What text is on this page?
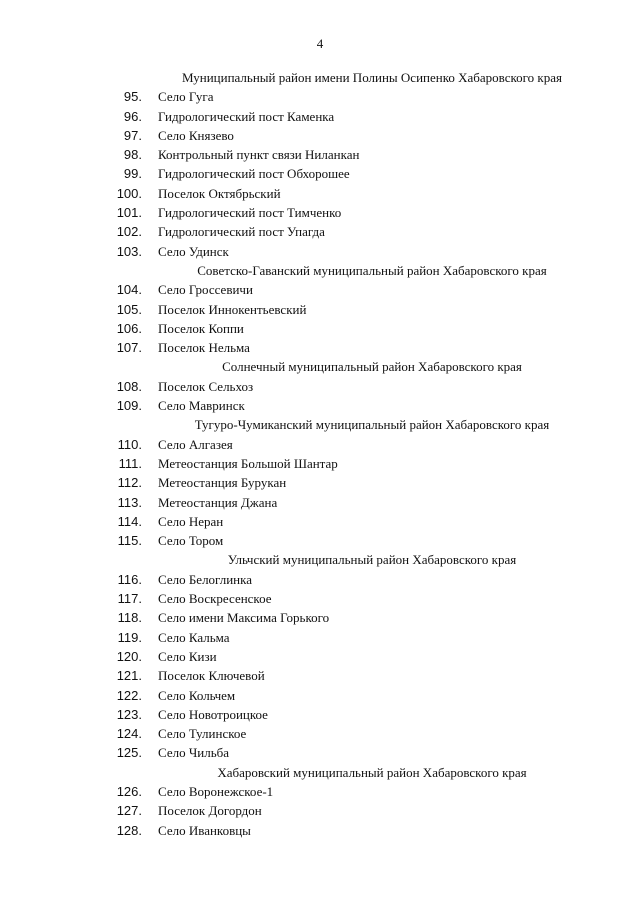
4
Муниципальный район имени Полины Осипенко Хабаровского края
95. Село Гуга
96. Гидрологический пост Каменка
97. Село Князево
98. Контрольный пункт связи Ниланкан
99. Гидрологический пост Обхорошее
100. Поселок Октябрьский
101. Гидрологический пост Тимченко
102. Гидрологический пост Упагда
103. Село Удинск
Советско-Гаванский муниципальный район Хабаровского края
104. Село Гроссевичи
105. Поселок Иннокентьевский
106. Поселок Коппи
107. Поселок Нельма
Солнечный муниципальный район Хабаровского края
108. Поселок Сельхоз
109. Село Мавринск
Тугуро-Чумиканский муниципальный район Хабаровского края
110. Село Алгазея
111. Метеостанция Большой Шантар
112. Метеостанция Бурукан
113. Метеостанция Джана
114. Село Неран
115. Село Тором
Ульчский муниципальный район Хабаровского края
116. Село Белоглинка
117. Село Воскресенское
118. Село имени Максима Горького
119. Село Кальма
120. Село Кизи
121. Поселок Ключевой
122. Село Кольчем
123. Село Новотроицкое
124. Село Тулинское
125. Село Чильба
Хабаровский муниципальный район Хабаровского края
126. Село Воронежское-1
127. Поселок Догордон
128. Село Иванковцы
